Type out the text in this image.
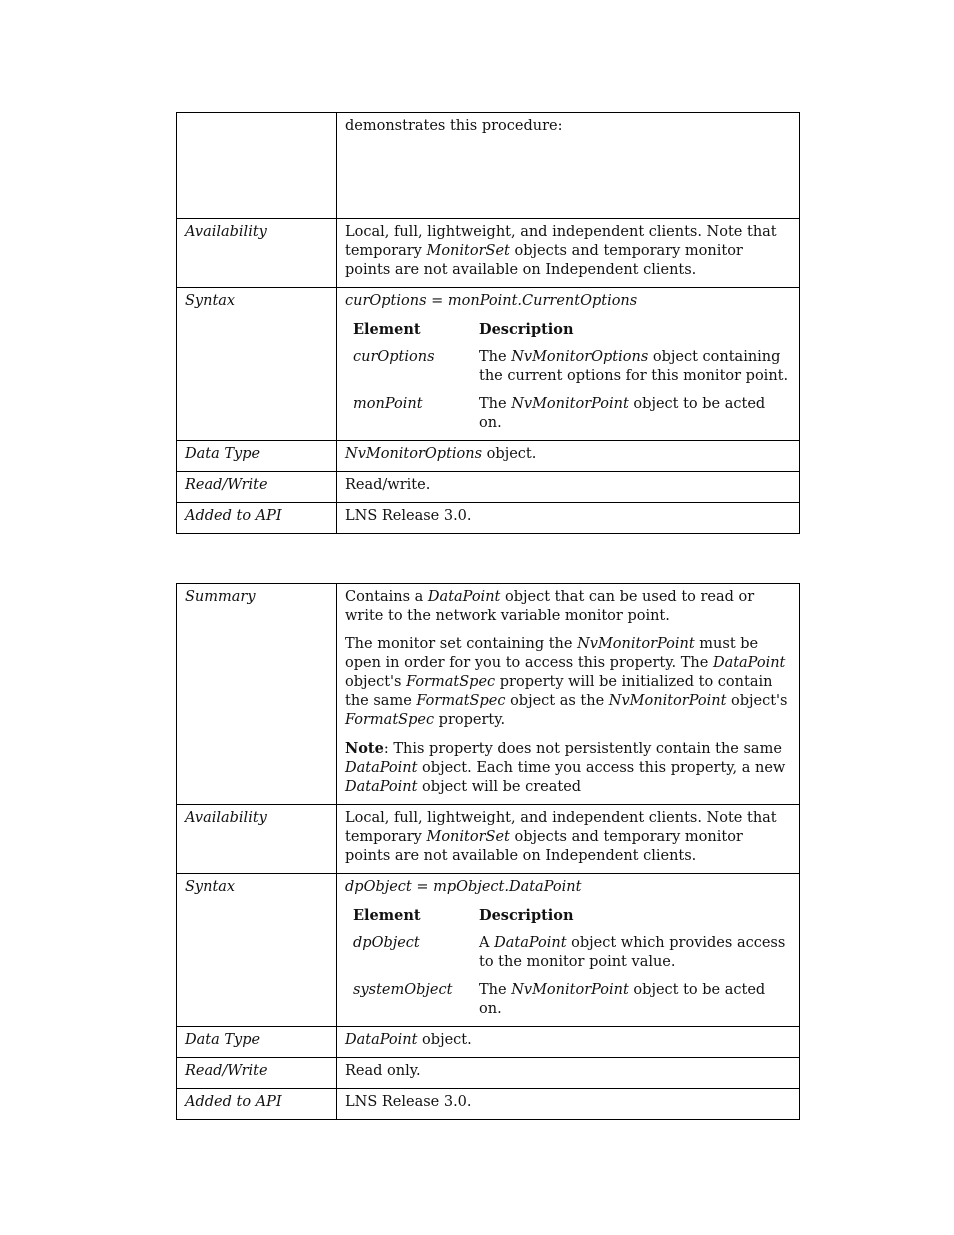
	demonstrates this procedure:
Availability	Local, full, lightweight, and independent clients. Note that temporary MonitorSet objects and temporary monitor points are not available on Independent clients.
Syntax	curOptions = monPoint.CurrentOptions
Element	Description
curOptions	The NvMonitorOptions object containing the current options for this monitor point.
monPoint	The NvMonitorPoint object to be acted on.

Data Type	NvMonitorOptions object.
Read/Write	Read/write.
Added to API	LNS Release 3.0.
Summary	Contains a DataPoint object that can be used to read or write to the network variable monitor point.
The monitor set containing the NvMonitorPoint must be open in order for you to access this property. The DataPoint object's FormatSpec property will be initialized to contain the same FormatSpec object as the NvMonitorPoint object's FormatSpec property.
Note: This property does not persistently contain the same DataPoint object. Each time you access this property, a new DataPoint object will be created

Availability	Local, full, lightweight, and independent clients. Note that temporary MonitorSet objects and temporary monitor points are not available on Independent clients.
Syntax	dpObject = mpObject.DataPoint
Element	Description
dpObject	A DataPoint object which provides access to the monitor point value.
systemObject	The NvMonitorPoint object to be acted on.

Data Type	DataPoint object.
Read/Write	Read only.
Added to API	LNS Release 3.0.
